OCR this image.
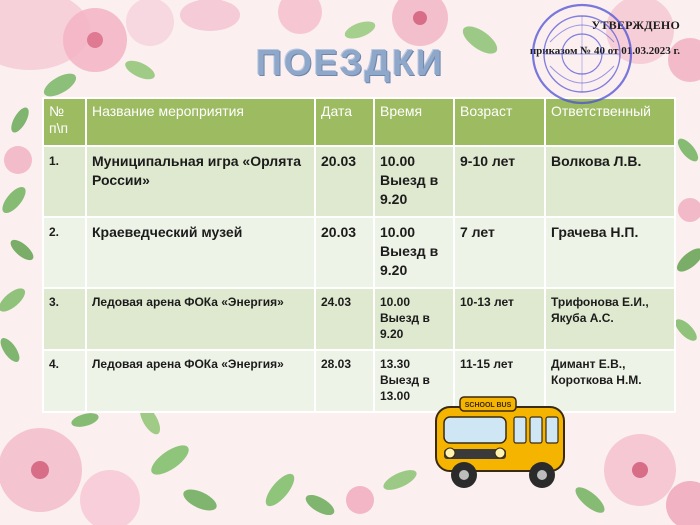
УТВЕРЖДЕНО
приказом № 40 от 01.03.2023 г.
ПОЕЗДКИ
№ п\п	Название мероприятия	Дата	Время	Возраст	Ответственный
1.	Муниципальная игра «Орлята России»	20.03	10.00 Выезд в 9.20	9-10 лет	Волкова Л.В.
2.	Краеведческий музей	20.03	10.00 Выезд в 9.20	7 лет	Грачева Н.П.
3.	Ледовая арена ФОКа «Энергия»	24.03	10.00 Выезд в 9.20	10-13 лет	Трифонова Е.И., Якуба А.С.
4.	Ледовая арена ФОКа «Энергия»	28.03	13.30 Выезд в 13.00	11-15 лет	Димант Е.В., Короткова Н.М.
SCHOOL BUS
